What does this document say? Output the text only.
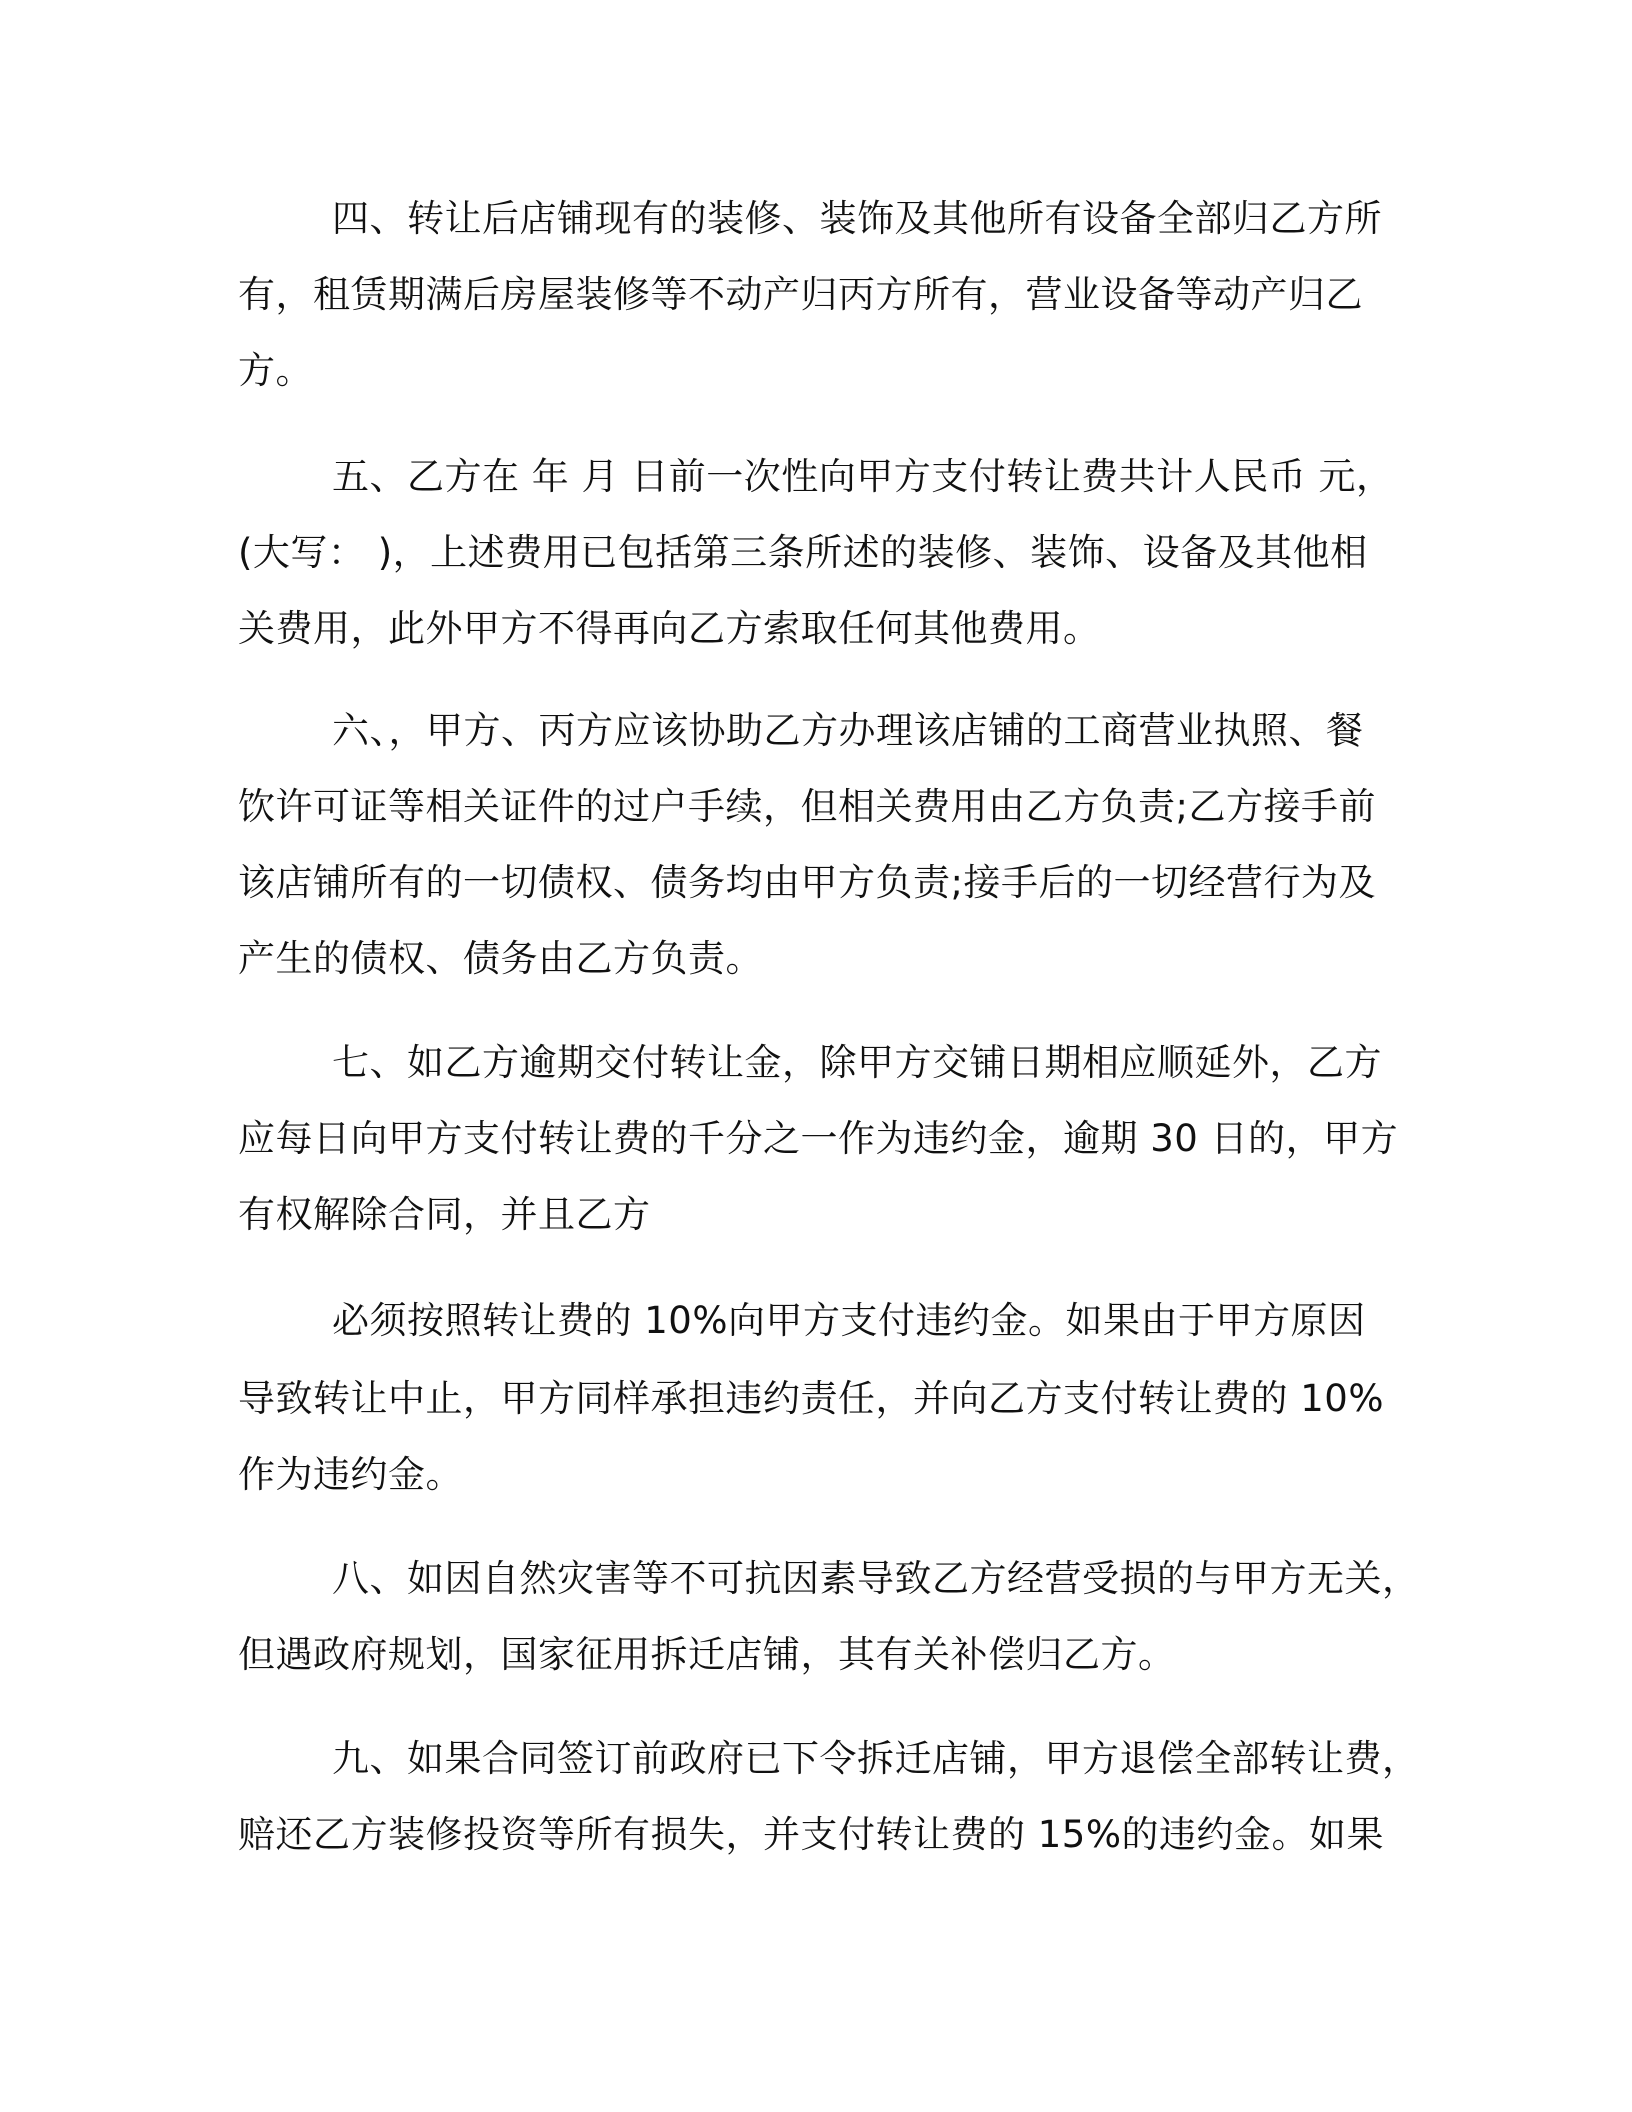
四、转让后店铺现有的装修、装饰及其他所有设备全部归乙方所
有，租赁期满后房屋装修等不动产归丙方所有，营业设备等动产归乙
方。
五、乙方在 年 月 日前一次性向甲方支付转让费共计人民币 元，
(大写： )，上述费用已包括第三条所述的装修、装饰、设备及其他相
关费用，此外甲方不得再向乙方索取任何其他费用。
六、，甲方、丙方应该协助乙方办理该店铺的工商营业执照、餐
饮许可证等相关证件的过户手续，但相关费用由乙方负责;乙方接手前
该店铺所有的一切债权、债务均由甲方负责;接手后的一切经营行为及
产生的债权、债务由乙方负责。
七、如乙方逾期交付转让金，除甲方交铺日期相应顺延外，乙方
应每日向甲方支付转让费的千分之一作为违约金，逾期 30 日的，甲方
有权解除合同，并且乙方
必须按照转让费的 10%向甲方支付违约金。如果由于甲方原因
导致转让中止，甲方同样承担违约责任，并向乙方支付转让费的 10%
作为违约金。
八、如因自然灾害等不可抗因素导致乙方经营受损的与甲方无关，
但遇政府规划，国家征用拆迁店铺，其有关补偿归乙方。
九、如果合同签订前政府已下令拆迁店铺，甲方退偿全部转让费，
赔还乙方装修投资等所有损失，并支付转让费的 15%的违约金。如果
